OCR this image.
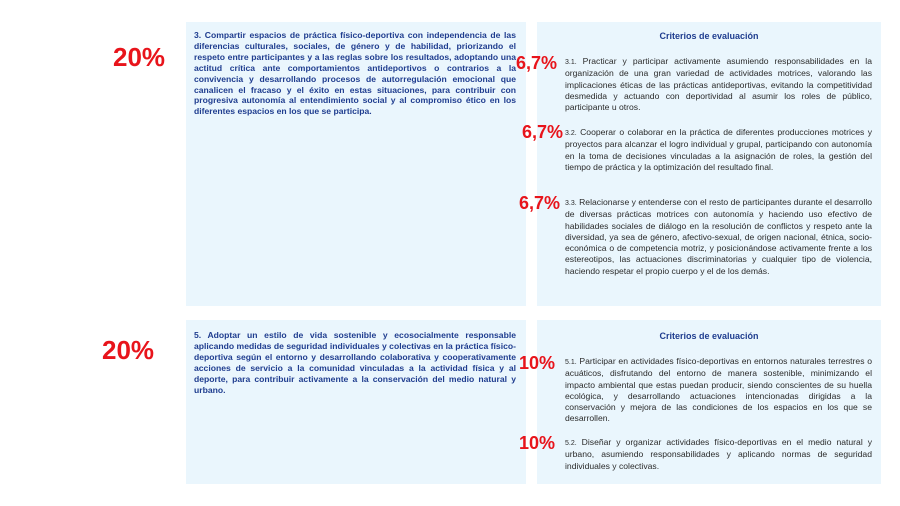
20%
3. Compartir espacios de práctica físico-deportiva con independencia de las diferencias culturales, sociales, de género y de habilidad, priorizando el respeto entre participantes y a las reglas sobre los resultados, adoptando una actitud crítica ante comportamientos antideportivos o contrarios a la convivencia y desarrollando procesos de autorregulación emocional que canalicen el fracaso y el éxito en estas situaciones, para contribuir con progresiva autonomía al entendimiento social y al compromiso ético en los diferentes espacios en los que se participa.
Criterios de evaluación
3.1. Practicar y participar activamente asumiendo responsabilidades en la organización de una gran variedad de actividades motrices, valorando las implicaciones éticas de las prácticas antideportivas, evitando la competitividad desmedida y actuando con deportividad al asumir los roles de público, participante u otros.
3.2. Cooperar o colaborar en la práctica de diferentes producciones motrices y proyectos para alcanzar el logro individual y grupal, participando con autonomía en la toma de decisiones vinculadas a la asignación de roles, la gestión del tiempo de práctica y la optimización del resultado final.
3.3. Relacionarse y entenderse con el resto de participantes durante el desarrollo de diversas prácticas motrices con autonomía y haciendo uso efectivo de habilidades sociales de diálogo en la resolución de conflictos y respeto ante la diversidad, ya sea de género, afectivo-sexual, de origen nacional, étnica, socio-económica o de competencia motriz, y posicionándose activamente frente a los estereotipos, las actuaciones discriminatorias y cualquier tipo de violencia, haciendo respetar el propio cuerpo y el de los demás.
6,7%
6,7%
6,7%
20%	5. Adoptar un estilo de vida sostenible y ecosocialmente responsable aplicando medidas de seguridad individuales y colectivas en la práctica físico-deportiva según el entorno y desarrollando colaborativa y cooperativamente acciones de servicio a la comunidad vinculadas a la actividad física y al deporte, para contribuir activamente a la conservación del medio natural y urbano.
Criterios de evaluación
5.1. Participar en actividades físico-deportivas en entornos naturales terrestres o acuáticos, disfrutando del entorno de manera sostenible, minimizando el impacto ambiental que estas puedan producir, siendo conscientes de su huella ecológica, y desarrollando actuaciones intencionadas dirigidas a la conservación y mejora de las condiciones de los espacios en los que se desarrollen.
5.2. Diseñar y organizar actividades físico-deportivas en el medio natural y urbano, asumiendo responsabilidades y aplicando normas de seguridad individuales y colectivas.
10%
10%
